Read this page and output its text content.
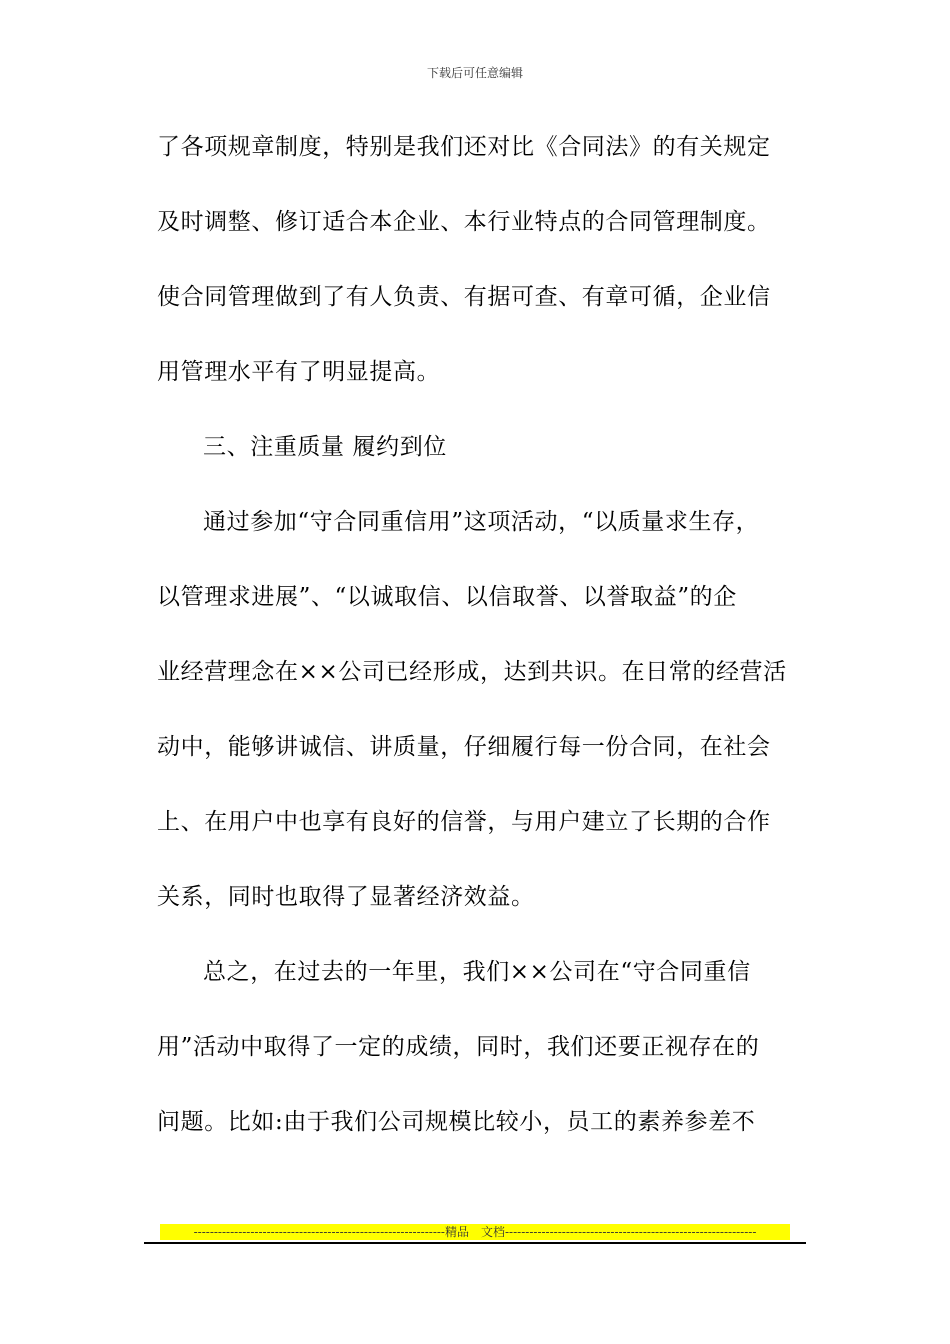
下载后可任意编辑
了各项规章制度，特别是我们还对比《合同法》的有关规定
及时调整、修订适合本企业、本行业特点的合同管理制度。
使合同管理做到了有人负责、有据可查、有章可循，企业信
用管理水平有了明显提高。
三、注重质量 履约到位
通过参加“守合同重信用”这项活动，“以质量求生存，
以管理求进展”、“以诚取信、以信取誉、以誉取益”的企
业经营理念在××公司已经形成，达到共识。在日常的经营活
动中，能够讲诚信、讲质量，仔细履行每一份合同，在社会
上、在用户中也享有良好的信誉，与用户建立了长期的合作
关系，同时也取得了显著经济效益。
总之，在过去的一年里，我们××公司在“守合同重信
用”活动中取得了一定的成绩，同时，我们还要正视存在的
问题。比如:由于我们公司规模比较小，员工的素养参差不
--------------------------------------------------------------精品　文档--------------------------------------------------------------
